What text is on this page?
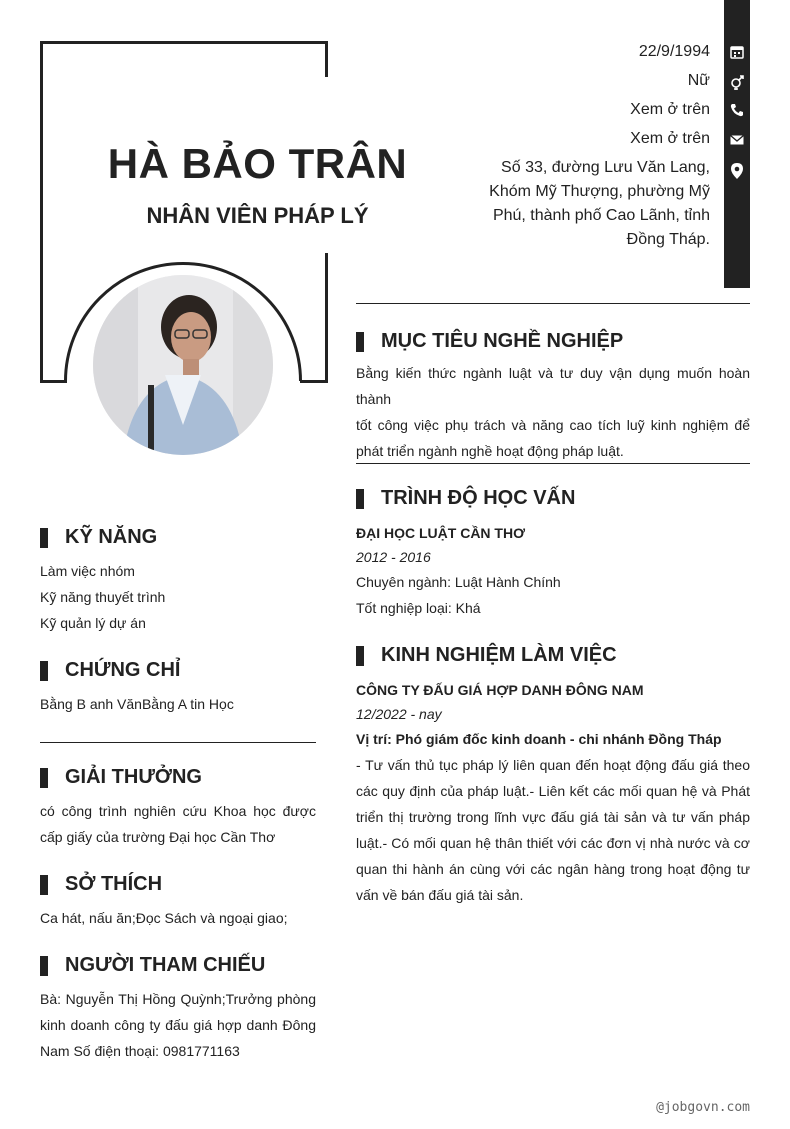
HÀ BẢO TRÂN
NHÂN VIÊN PHÁP LÝ
22/9/1994
Nữ
Xem ở trên
Xem ở trên
Số 33, đường Lưu Văn Lang,
Khóm Mỹ Thượng, phường Mỹ
Phú, thành phố Cao Lãnh, tỉnh
Đồng Tháp.
MỤC TIÊU NGHỀ NGHIỆP
Bằng kiến thức ngành luật và tư duy vận dụng muốn hoàn thành
tốt công việc phụ trách và năng cao tích luỹ kinh nghiệm để
phát triển ngành nghề hoạt động pháp luật.
TRÌNH ĐỘ HỌC VẤN
ĐẠI HỌC LUẬT CẦN THƠ
2012 - 2016
Chuyên ngành: Luật Hành Chính
Tốt nghiệp loại: Khá
KINH NGHIỆM LÀM VIỆC
CÔNG TY ĐẤU GIÁ HỢP DANH ĐÔNG NAM
12/2022 - nay
Vị trí: Phó giám đốc kinh doanh - chi nhánh Đồng Tháp
- Tư vấn thủ tục pháp lý liên quan đến hoạt động đấu giá theo
các quy định của pháp luật.- Liên kết các mối quan hệ và Phát
triển thị trường trong lĩnh vực đấu giá tài sản và tư vấn pháp
luật.- Có mối quan hệ thân thiết với các đơn vị nhà nước và cơ
quan thi hành án cùng với các ngân hàng trong hoạt động tư
vấn về bán đấu giá tài sản.
KỸ NĂNG
Làm việc nhóm
Kỹ năng thuyết trình
Kỹ quản lý dự án
CHỨNG CHỈ
Bằng B anh VănBằng A tin Học
GIẢI THƯỞNG
có công trình nghiên cứu Khoa học được
cấp giấy của trường Đại học Cần Thơ
SỞ THÍCH
Ca hát, nấu ăn;Đọc Sách và ngoại giao;
NGƯỜI THAM CHIẾU
Bà: Nguyễn Thị Hồng Quỳnh;Trưởng phòng
kinh doanh công ty đấu giá hợp danh Đông
Nam Số điện thoại: 0981771163
@jobgovn.com
